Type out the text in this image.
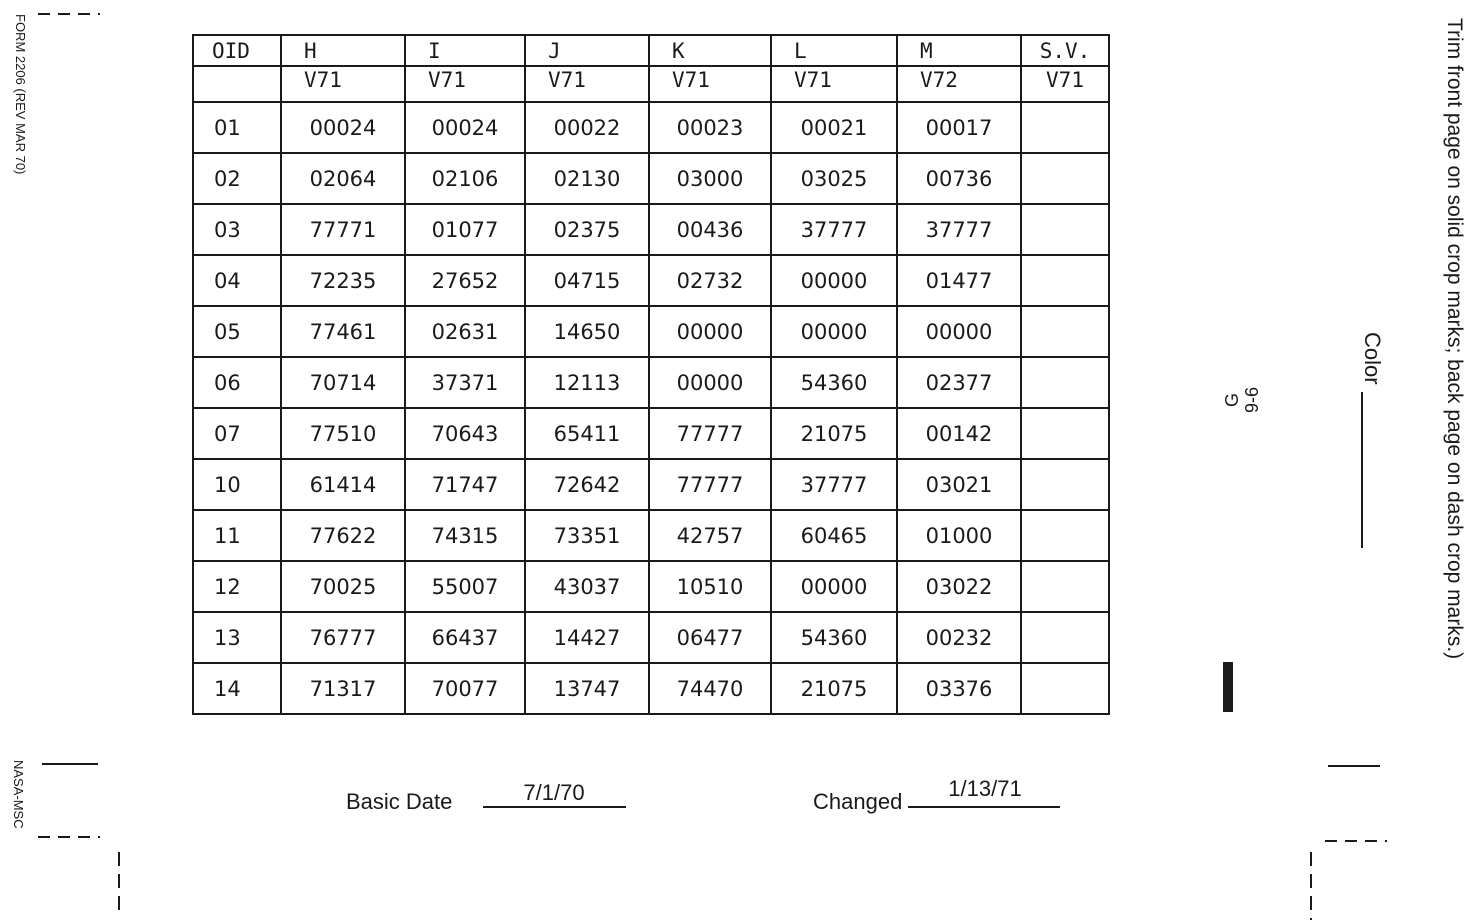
FORM 2206 (REV MAR 70)
NASA-MSC
OID	H	I	J	K	L	M	S.V.
	V71	V71	V71	V71	V71	V72	V71
01	00024	00024	00022	00023	00021	00017	
02	02064	02106	02130	03000	03025	00736	
03	77771	01077	02375	00436	37777	37777	
04	72235	27652	04715	02732	00000	01477	
05	77461	02631	14650	00000	00000	00000	
06	70714	37371	12113	00000	54360	02377	
07	77510	70643	65411	77777	21075	00142	
10	61414	71747	72642	77777	37777	03021	
11	77622	74315	73351	42757	60465	01000	
12	70025	55007	43037	10510	00000	03022	
13	76777	66437	14427	06477	54360	00232	
14	71317	70077	13747	74470	21075	03376	
Basic Date	7/1/70	Changed
1/13/71
G 9-6
Color	Trim front page on solid crop marks; back page on dash crop marks.)
